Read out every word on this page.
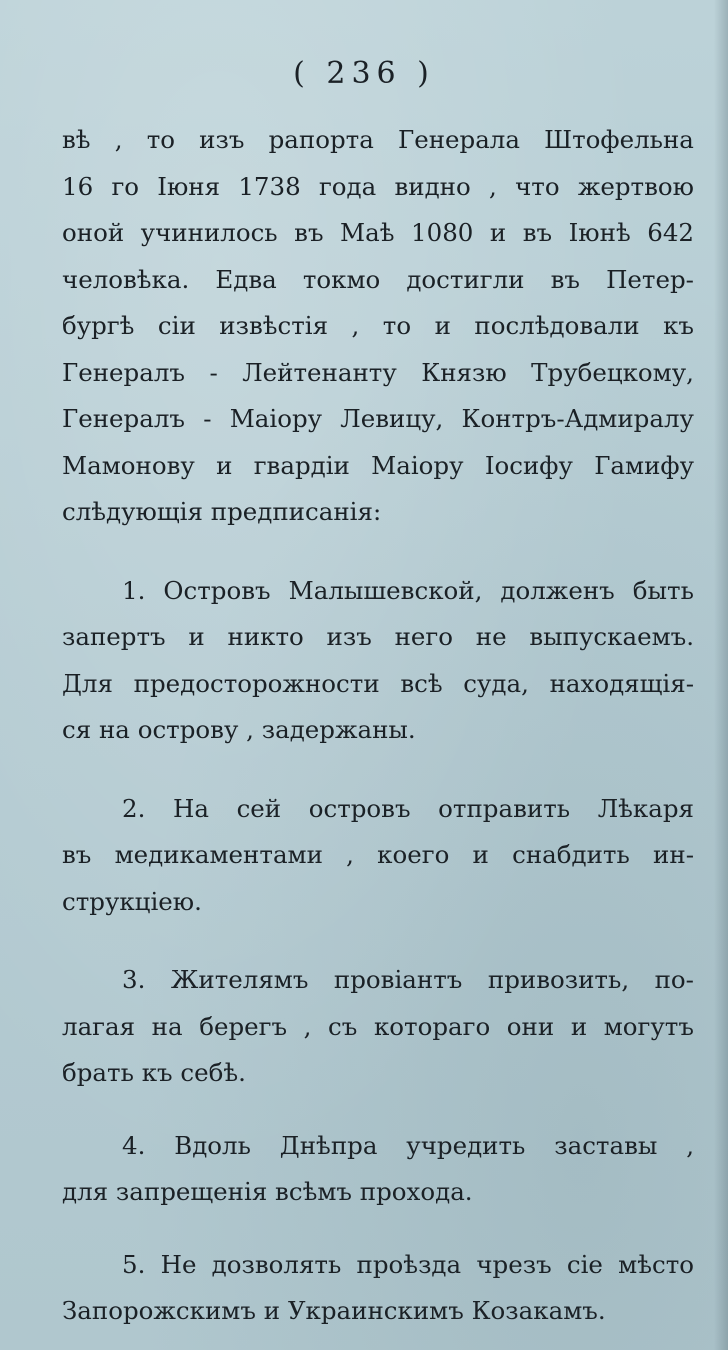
( 236 )
вѣ , то изъ рапорта Генерала Штофельна
16 го Іюня 1738 года видно , что жертвою
оной учинилось въ Маѣ 1080 и въ Іюнѣ 642
человѣка. Едва токмо достигли въ Петер-
бургѣ сіи извѣстія , то и послѣдовали къ
Генералъ - Лейтенанту Князю Трубецкому,
Генералъ - Маіору Левицу, Контръ-Адмиралу
Мамонову и гвардіи Маіору Іосифу Гамифу
слѣдующія предписанія:
1. Островъ Малышевской, долженъ быть
запертъ и никто изъ него не выпускаемъ.
Для предосторожности всѣ суда, находящія-
ся на острову , задержаны.
2. На сей островъ отправить Лѣкаря
въ медикаментами , коего и снабдить ин-
струкціею.
3. Жителямъ провіантъ привозить, по-
лагая на берегъ , съ котораго они и могутъ
брать къ себѣ.
4. Вдоль Днѣпра учредить заставы ,
для запрещенія всѣмъ прохода.
5. Не дозволять проѣзда чрезъ сіе мѣсто
Запорожскимъ и Украинскимъ Козакамъ.
